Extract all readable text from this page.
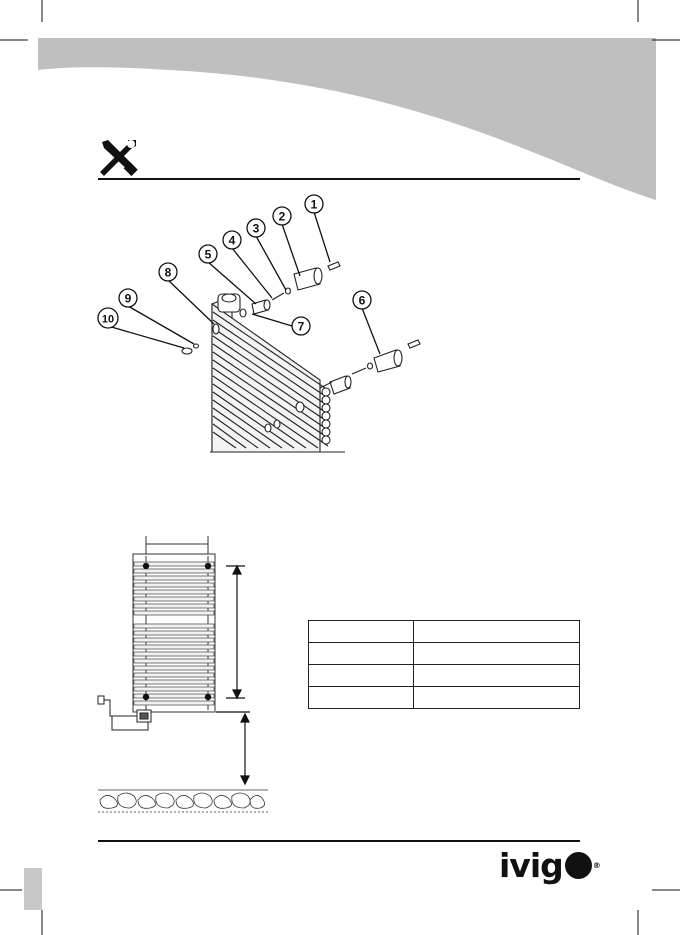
1
2
3
4
5
6
7
8
9
10

ivig	®
